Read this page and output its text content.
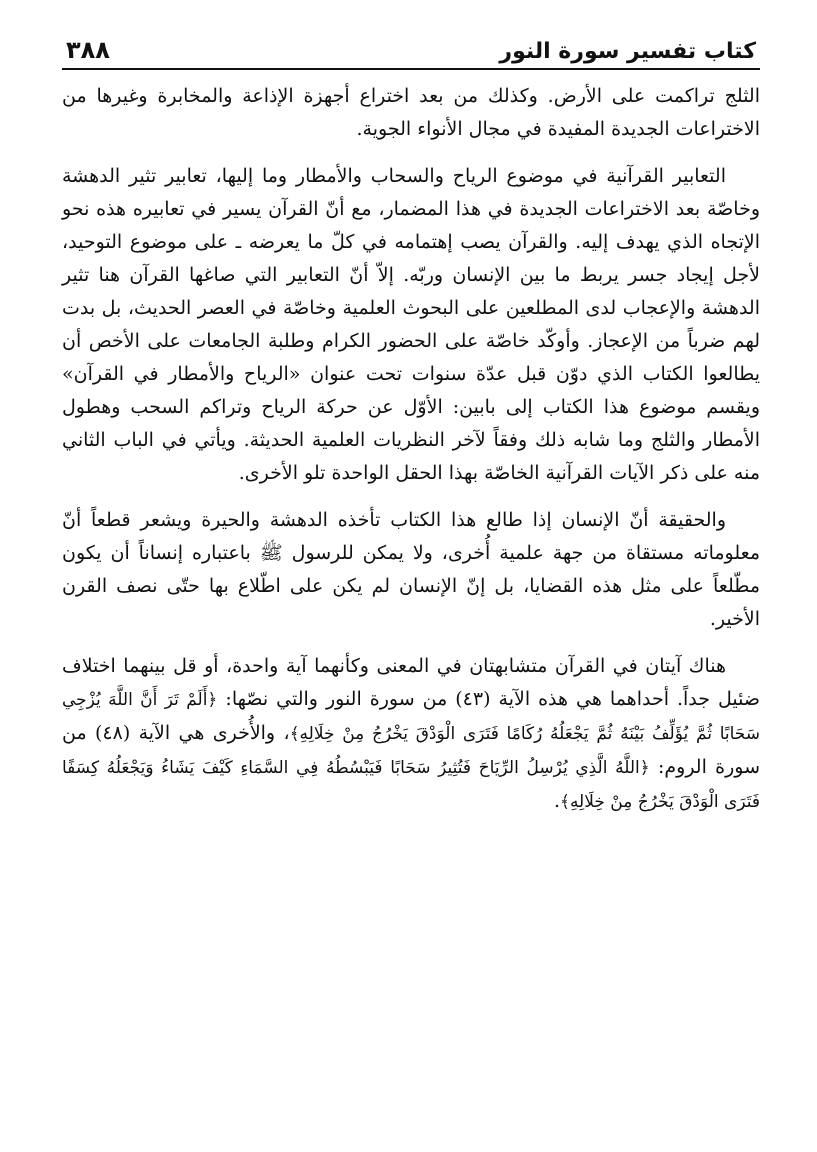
كتاب تفسير سورة النور
٣٨٨

الثلج تراكمت على الأرض. وكذلك من بعد اختراع أجهزة الإذاعة والمخابرة وغيرها من الاختراعات الجديدة المفيدة في مجال الأنواء الجوية.

التعابير القرآنية في موضوع الرياح والسحاب والأمطار وما إليها، تعابير تثير الدهشة وخاصّة بعد الاختراعات الجديدة في هذا المضمار، مع أنّ القرآن يسير في تعابيره هذه نحو الإتجاه الذي يهدف إليه. والقرآن يصب إهتمامه في كلّ ما يعرضه ـ على موضوع التوحيد، لأجل إيجاد جسر يربط ما بين الإنسان وربّه. إلاّ أنّ التعابير التي صاغها القرآن هنا تثير الدهشة والإعجاب لدى المطلعين على البحوث العلمية وخاصّة في العصر الحديث، بل بدت لهم ضرباً من الإعجاز. وأوكّد خاصّة على الحضور الكرام وطلبة الجامعات على الأخص أن يطالعوا الكتاب الذي دوّن قبل عدّة سنوات تحت عنوان «الرياح والأمطار في القرآن» ويقسم موضوع هذا الكتاب إلى بابين: الأوّل عن حركة الرياح وتراكم السحب وهطول الأمطار والثلج وما شابه ذلك وفقاً لآخر النظريات العلمية الحديثة. ويأتي في الباب الثاني منه على ذكر الآيات القرآنية الخاصّة بهذا الحقل الواحدة تلو الأخرى.

والحقيقة أنّ الإنسان إذا طالع هذا الكتاب تأخذه الدهشة والحيرة ويشعر قطعاً أنّ معلوماته مستقاة من جهة علمية أُخرى، ولا يمكن للرسول ﷺ باعتباره إنساناً أن يكون مطّلعاً على مثل هذه القضايا، بل إنّ الإنسان لم يكن على اطّلاع بها حتّى نصف القرن الأخير.

هناك آيتان في القرآن متشابهتان في المعنى وكأنهما آية واحدة، أو قل بينهما اختلاف ضئيل جداً. أحداهما هي هذه الآية (٤٣) من سورة النور والتي نصّها: ﴿أَلَمْ تَرَ أَنَّ اللَّهَ يُزْجِي سَحَابًا ثُمَّ يُؤَلِّفُ بَيْنَهُ ثُمَّ يَجْعَلُهُ رُكَامًا فَتَرَى الْوَدْقَ يَخْرُجُ مِنْ خِلَالِهِ﴾، والأُخرى هي الآية (٤٨) من سورة الروم: ﴿اللَّهُ الَّذِي يُرْسِلُ الرِّيَاحَ فَتُثِيرُ سَحَابًا فَيَبْسُطُهُ فِي السَّمَاءِ كَيْفَ يَشَاءُ وَيَجْعَلُهُ كِسَفًا فَتَرَى الْوَدْقَ يَخْرُجُ مِنْ خِلَالِهِ﴾.
